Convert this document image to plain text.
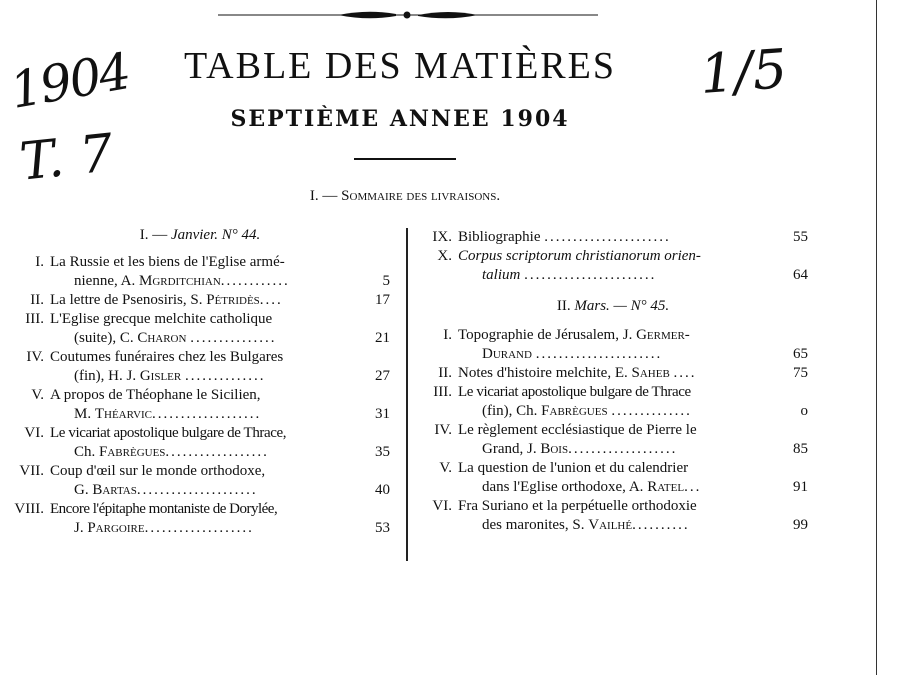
1904
T. 7
1/5
TABLE DES MATIÈRES
SEPTIÈME ANNEE 1904
I. — Sommaire des livraisons.
I. — Janvier. N° 44.
I. La Russie et les biens de l'Eglise armé-
nienne, A. Mgrditchian............	5
II. La lettre de Psenosiris, S. Pétridès....	17
III. L'Eglise grecque melchite catholique
(suite), C. Charon ...............	21
IV. Coutumes funéraires chez les Bulgares
(fin), H. J. Gisler ..............	27
V. A propos de Théophane le Sicilien,
M. Théarvic...................	31
VI. Le vicariat apostolique bulgare de Thrace,
Ch. Fabrègues..................	35
VII. Coup d'œil sur le monde orthodoxe,
G. Bartas.....................	40
VIII. Encore l'épitaphe montaniste de Dorylée,
J. Pargoire...................	53
IX. Bibliographie ......................	55
X. Corpus scriptorum christianorum orien-
talium .......................	64
II. Mars. — N° 45.
I. Topographie de Jérusalem, J. Germer-
Durand ......................	65
II. Notes d'histoire melchite, E. Saheb ....	75
III. Le vicariat apostolique bulgare de Thrace
(fin), Ch. Fabrègues ..............	o
IV. Le règlement ecclésiastique de Pierre le
Grand, J. Bois...................	85
V. La question de l'union et du calendrier
dans l'Eglise orthodoxe, A. Ratel...	91
VI. Fra Suriano et la perpétuelle orthodoxie
des maronites, S. Vailhé..........	99
